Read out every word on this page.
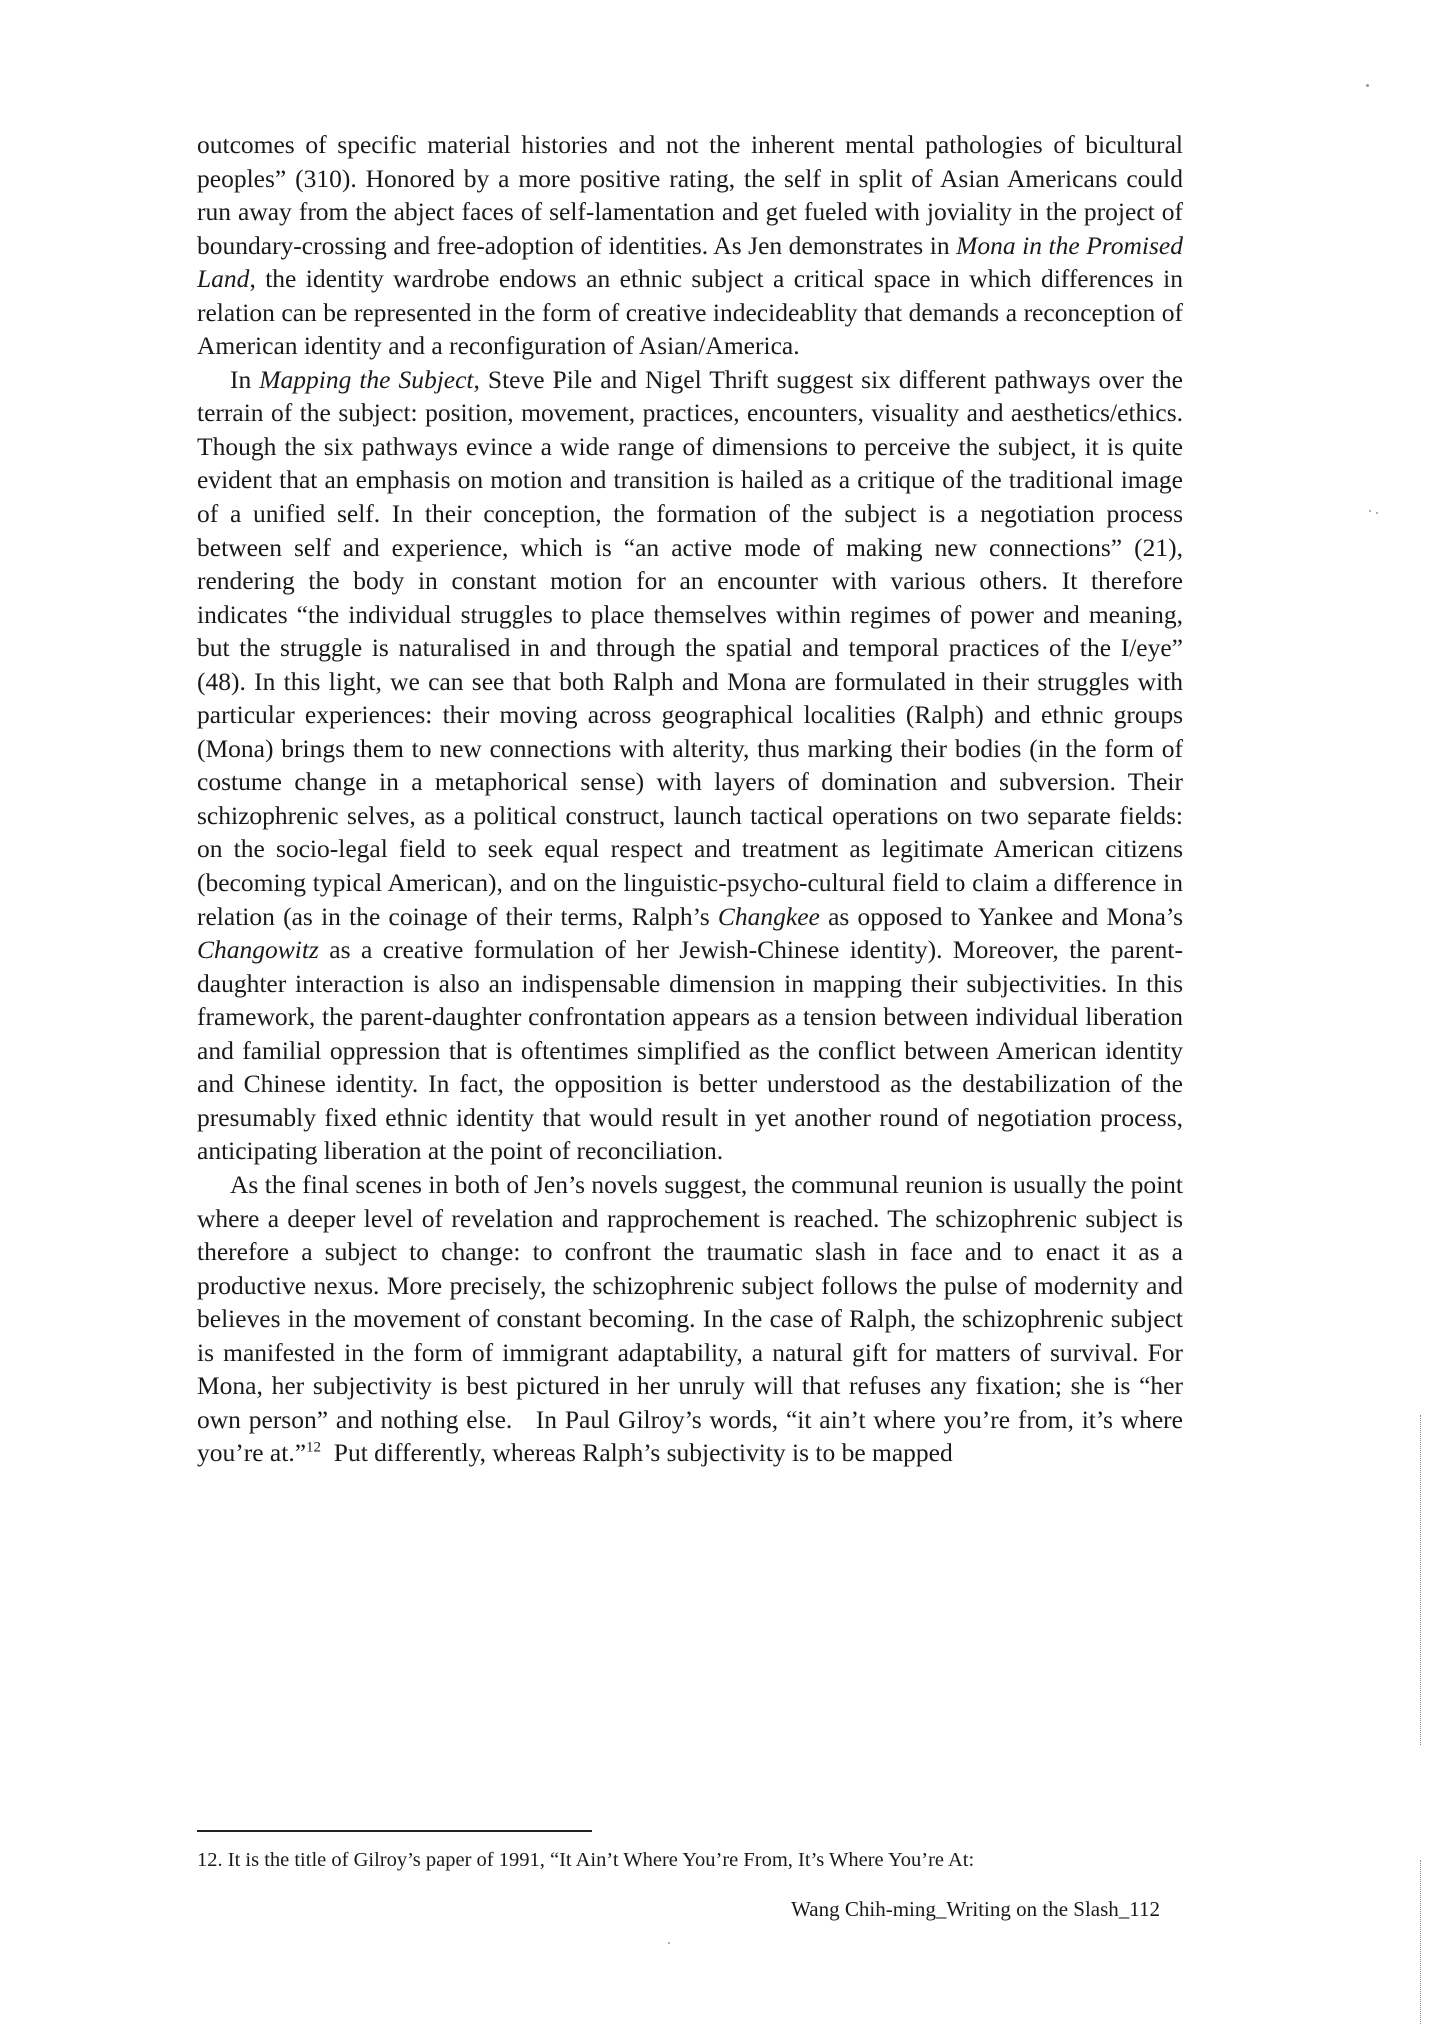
outcomes of specific material histories and not the inherent mental pathologies of bicultural peoples” (310). Honored by a more positive rating, the self in split of Asian Americans could run away from the abject faces of self-lamentation and get fueled with joviality in the project of boundary-crossing and free-adoption of identities. As Jen demonstrates in Mona in the Promised Land, the identity wardrobe endows an ethnic subject a critical space in which differences in relation can be represented in the form of creative indecideablity that demands a reconception of American identity and a reconfiguration of Asian/America.

In Mapping the Subject, Steve Pile and Nigel Thrift suggest six different pathways over the terrain of the subject: position, movement, practices, encounters, visuality and aesthetics/ethics. Though the six pathways evince a wide range of dimensions to perceive the subject, it is quite evident that an emphasis on motion and transition is hailed as a critique of the traditional image of a unified self. In their conception, the formation of the subject is a negotiation process between self and experience, which is “an active mode of making new connections” (21), rendering the body in constant motion for an encounter with various others. It therefore indicates “the individual struggles to place themselves within regimes of power and meaning, but the struggle is naturalised in and through the spatial and temporal practices of the I/eye” (48). In this light, we can see that both Ralph and Mona are formulated in their struggles with particular experiences: their moving across geographical localities (Ralph) and ethnic groups (Mona) brings them to new connections with alterity, thus marking their bodies (in the form of costume change in a metaphorical sense) with layers of domination and subversion. Their schizophrenic selves, as a political construct, launch tactical operations on two separate fields: on the socio-legal field to seek equal respect and treatment as legitimate American citizens (becoming typical American), and on the linguistic-psycho-cultural field to claim a difference in relation (as in the coinage of their terms, Ralph’s Changkee as opposed to Yankee and Mona’s Changowitz as a creative formulation of her Jewish-Chinese identity). Moreover, the parent-daughter interaction is also an indispensable dimension in mapping their subjectivities. In this framework, the parent-daughter confrontation appears as a tension between individual liberation and familial oppression that is oftentimes simplified as the conflict between American identity and Chinese identity. In fact, the opposition is better understood as the destabilization of the presumably fixed ethnic identity that would result in yet another round of negotiation process, anticipating liberation at the point of reconciliation.

As the final scenes in both of Jen’s novels suggest, the communal reunion is usually the point where a deeper level of revelation and rapprochement is reached. The schizophrenic subject is therefore a subject to change: to confront the traumatic slash in face and to enact it as a productive nexus. More precisely, the schizophrenic subject follows the pulse of modernity and believes in the movement of constant becoming. In the case of Ralph, the schizophrenic subject is manifested in the form of immigrant adaptability, a natural gift for matters of survival. For Mona, her subjectivity is best pictured in her unruly will that refuses any fixation; she is “her own person” and nothing else.   In Paul Gilroy’s words, “it ain’t where you’re from, it’s where you’re at.”$^{12}$  Put differently, whereas Ralph’s subjectivity is to be mapped

12. It is the title of Gilroy’s paper of 1991, “It Ain’t Where You’re From, It’s Where You’re At:
Wang Chih-ming_Writing on the Slash_112
